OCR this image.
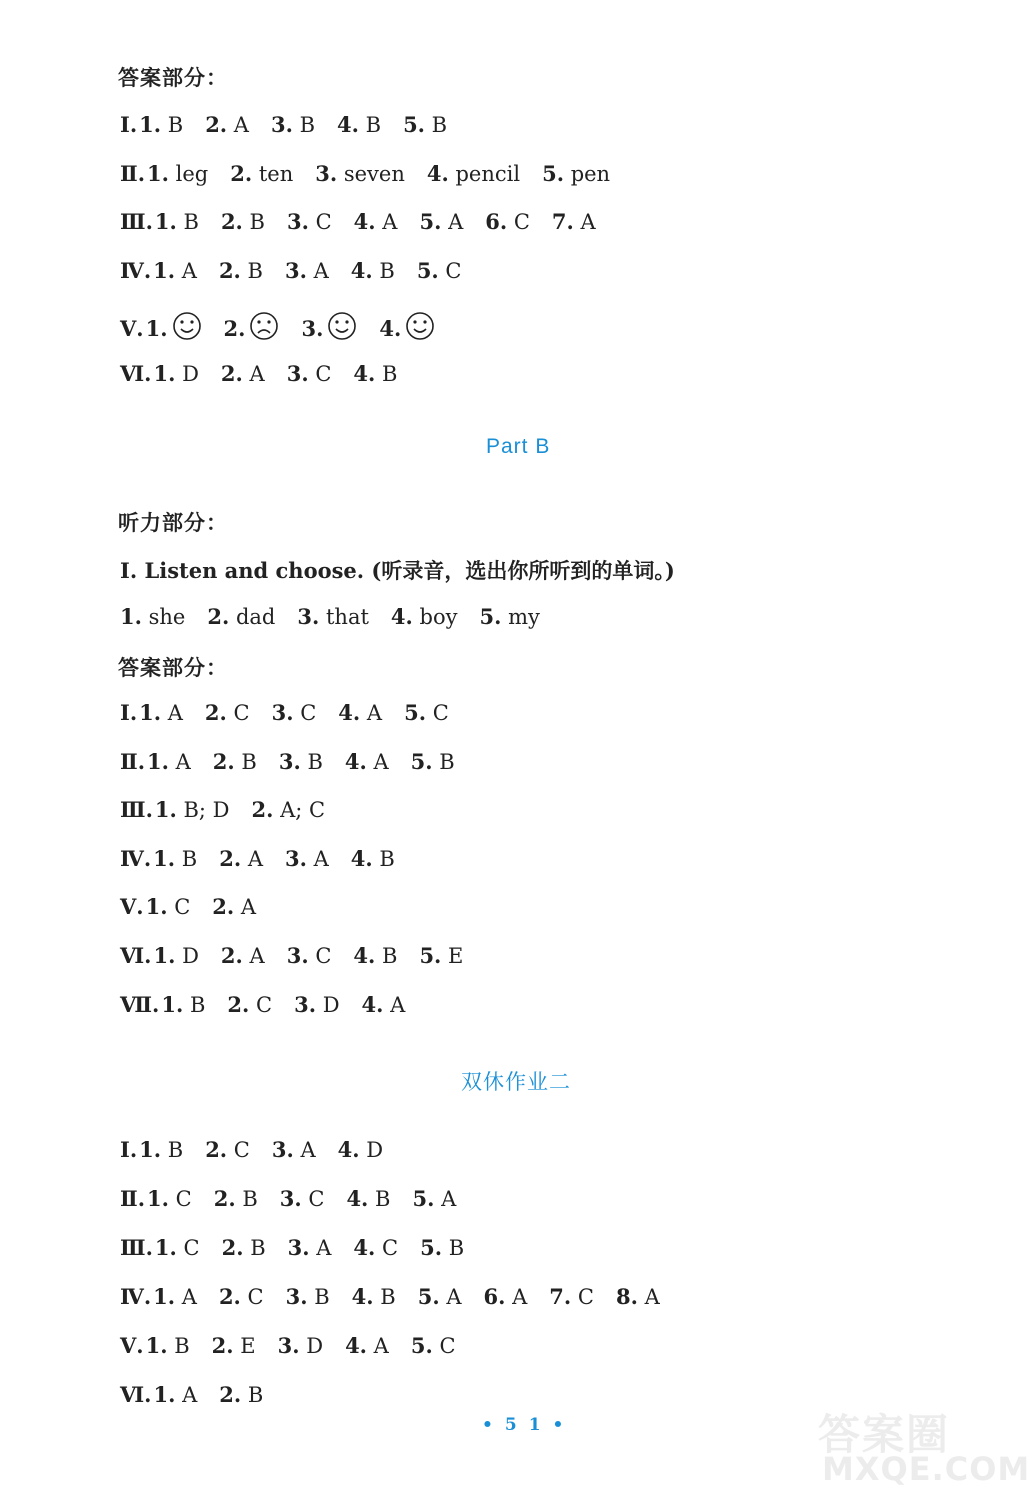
答案部分：
Ⅰ.1. B 2. A 3. B 4. B 5. B
Ⅱ.1. leg 2. ten 3. seven 4. pencil 5. pen
Ⅲ.1. B 2. B 3. C 4. A 5. A 6. C 7. A
Ⅳ.1. A 2. B 3. A 4. B 5. C
Ⅴ.1.	2.	3.	4.
Ⅵ.1. D 2. A 3. C 4. B
Part B
听力部分：
Ⅰ. Listen and choose. (听录音，选出你所听到的单词。)
1. she 2. dad 3. that 4. boy 5. my
答案部分：
Ⅰ.1. A 2. C 3. C 4. A 5. C
Ⅱ.1. A 2. B 3. B 4. A 5. B
Ⅲ.1. B; D 2. A; C
Ⅳ.1. B 2. A 3. A 4. B
Ⅴ.1. C 2. A
Ⅵ.1. D 2. A 3. C 4. B 5. E
Ⅶ.1. B 2. C 3. D 4. A
双休作业二
Ⅰ.1. B 2. C 3. A 4. D
Ⅱ.1. C 2. B 3. C 4. B 5. A
Ⅲ.1. C 2. B 3. A 4. C 5. B
Ⅳ.1. A 2. C 3. B 4. B 5. A 6. A 7. C 8. A
Ⅴ.1. B 2. E 3. D 4. A 5. C
Ⅵ.1. A 2. B
•51•	答案圈
MXQE.COM
